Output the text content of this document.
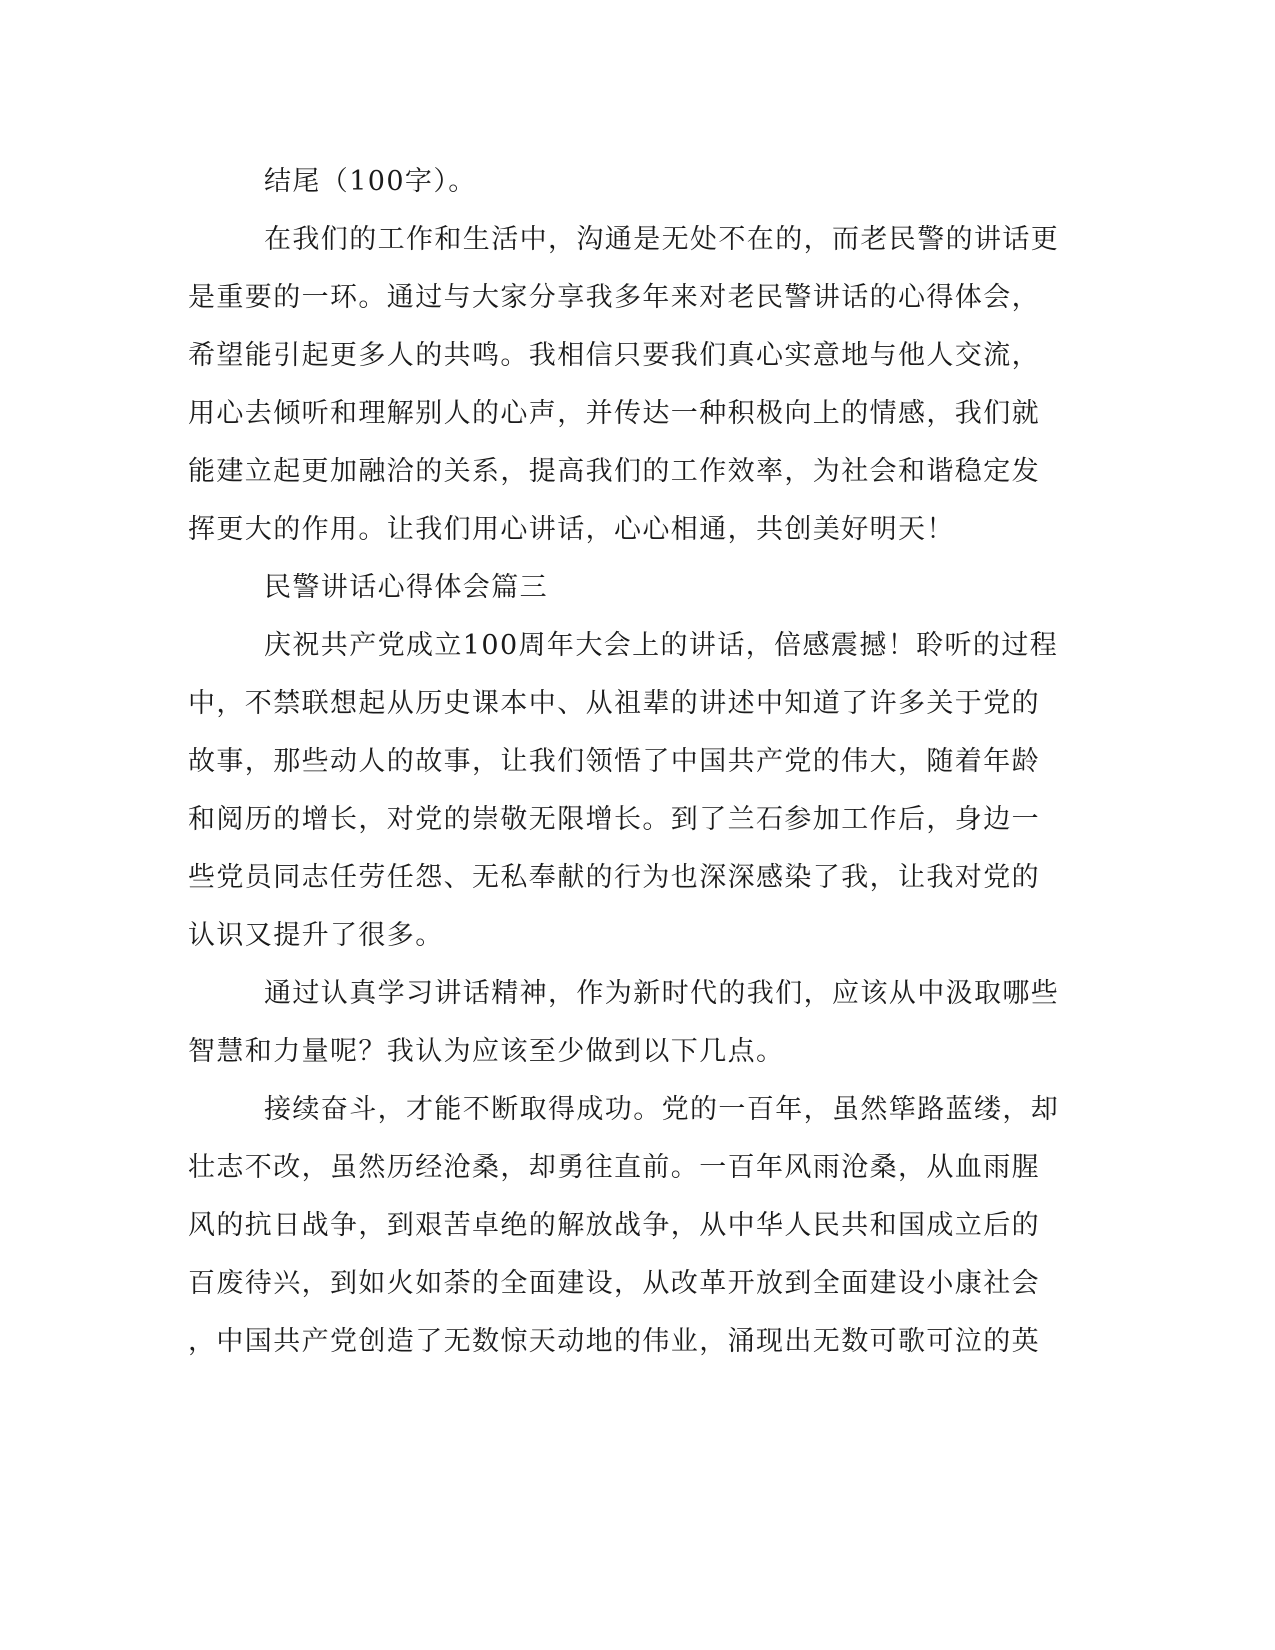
结尾（100字）。
在我们的工作和生活中，沟通是无处不在的，而老民警的讲话更
是重要的一环。通过与大家分享我多年来对老民警讲话的心得体会，
希望能引起更多人的共鸣。我相信只要我们真心实意地与他人交流，
用心去倾听和理解别人的心声，并传达一种积极向上的情感，我们就
能建立起更加融洽的关系，提高我们的工作效率，为社会和谐稳定发
挥更大的作用。让我们用心讲话，心心相通，共创美好明天！
民警讲话心得体会篇三
庆祝共产党成立100周年大会上的讲话，倍感震撼！聆听的过程
中，不禁联想起从历史课本中、从祖辈的讲述中知道了许多关于党的
故事，那些动人的故事，让我们领悟了中国共产党的伟大，随着年龄
和阅历的增长，对党的崇敬无限增长。到了兰石参加工作后，身边一
些党员同志任劳任怨、无私奉献的行为也深深感染了我，让我对党的
认识又提升了很多。
通过认真学习讲话精神，作为新时代的我们，应该从中汲取哪些
智慧和力量呢？我认为应该至少做到以下几点。
接续奋斗，才能不断取得成功。党的一百年，虽然筚路蓝缕，却
壮志不改，虽然历经沧桑，却勇往直前。一百年风雨沧桑，从血雨腥
风的抗日战争，到艰苦卓绝的解放战争，从中华人民共和国成立后的
百废待兴，到如火如荼的全面建设，从改革开放到全面建设小康社会
，中国共产党创造了无数惊天动地的伟业，涌现出无数可歌可泣的英
